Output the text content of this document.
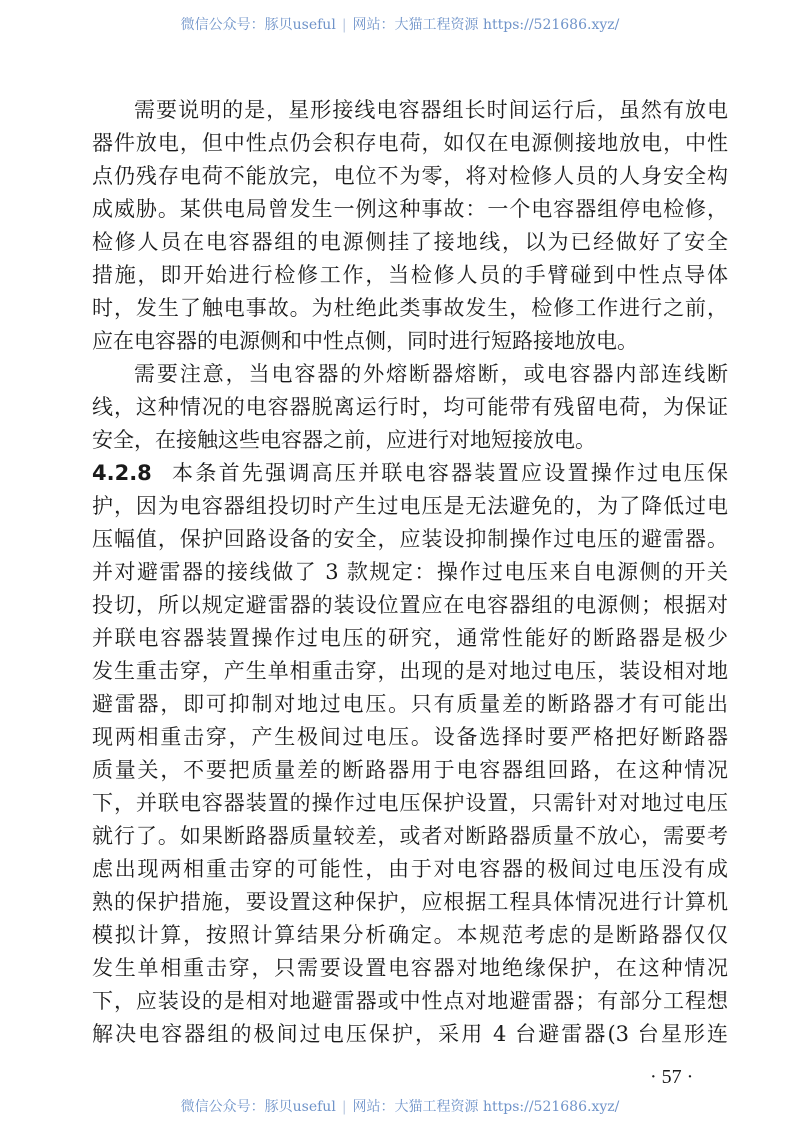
微信公众号：豚贝useful | 网站：大猫工程资源 https://521686.xyz/
需要说明的是，星形接线电容器组长时间运行后，虽然有放电
器件放电，但中性点仍会积存电荷，如仅在电源侧接地放电，中性
点仍残存电荷不能放完，电位不为零，将对检修人员的人身安全构
成威胁。某供电局曾发生一例这种事故：一个电容器组停电检修，
检修人员在电容器组的电源侧挂了接地线，以为已经做好了安全
措施，即开始进行检修工作，当检修人员的手臂碰到中性点导体
时，发生了触电事故。为杜绝此类事故发生，检修工作进行之前，
应在电容器的电源侧和中性点侧，同时进行短路接地放电。
需要注意，当电容器的外熔断器熔断，或电容器内部连线断
线，这种情况的电容器脱离运行时，均可能带有残留电荷，为保证
安全，在接触这些电容器之前，应进行对地短接放电。
4.2.8 本条首先强调高压并联电容器装置应设置操作过电压保
护，因为电容器组投切时产生过电压是无法避免的，为了降低过电
压幅值，保护回路设备的安全，应装设抑制操作过电压的避雷器。
并对避雷器的接线做了 3 款规定：操作过电压来自电源侧的开关
投切，所以规定避雷器的装设位置应在电容器组的电源侧；根据对
并联电容器装置操作过电压的研究，通常性能好的断路器是极少
发生重击穿，产生单相重击穿，出现的是对地过电压，装设相对地
避雷器，即可抑制对地过电压。只有质量差的断路器才有可能出
现两相重击穿，产生极间过电压。设备选择时要严格把好断路器
质量关，不要把质量差的断路器用于电容器组回路，在这种情况
下，并联电容器装置的操作过电压保护设置，只需针对对地过电压
就行了。如果断路器质量较差，或者对断路器质量不放心，需要考
虑出现两相重击穿的可能性，由于对电容器的极间过电压没有成
熟的保护措施，要设置这种保护，应根据工程具体情况进行计算机
模拟计算，按照计算结果分析确定。本规范考虑的是断路器仅仅
发生单相重击穿，只需要设置电容器对地绝缘保护，在这种情况
下，应装设的是相对地避雷器或中性点对地避雷器；有部分工程想
解决电容器组的极间过电压保护，采用 4 台避雷器(3 台星形连
· 57 ·
微信公众号：豚贝useful | 网站：大猫工程资源 https://521686.xyz/
